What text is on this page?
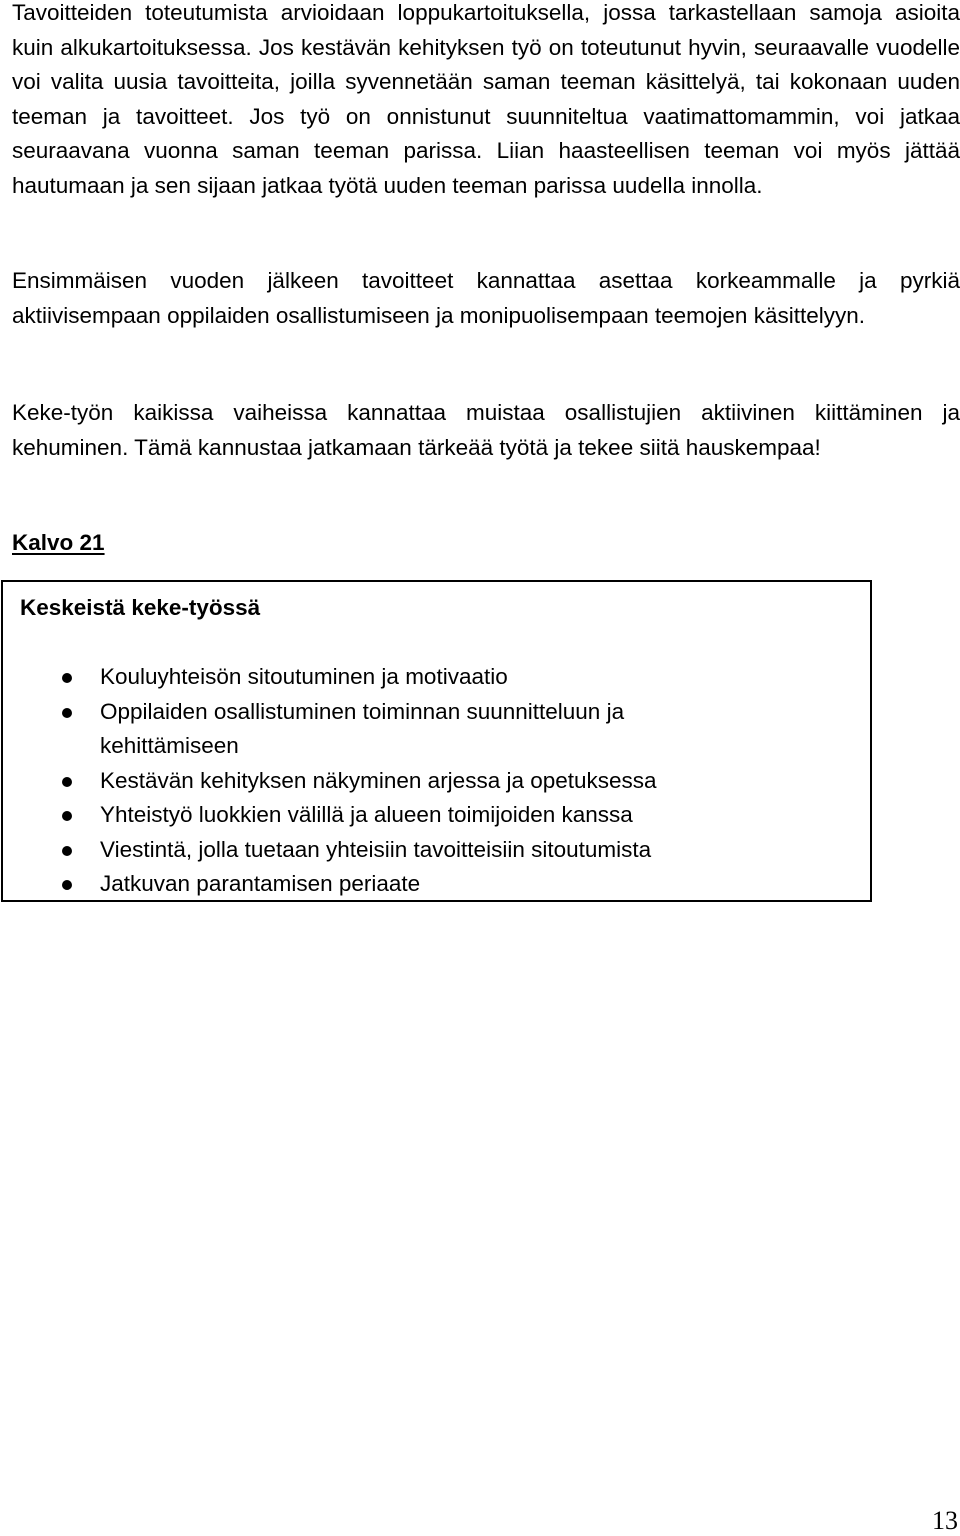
Tavoitteiden toteutumista arvioidaan loppukartoituksella, jossa tarkastellaan samoja asioita kuin alkukartoituksessa. Jos kestävän kehityksen työ on toteutunut hyvin, seuraavalle vuodelle voi valita uusia tavoitteita, joilla syvennetään saman teeman käsittelyä, tai kokonaan uuden teeman ja tavoitteet. Jos työ on onnistunut suunniteltua vaatimattomammin, voi jatkaa seuraavana vuonna saman teeman parissa. Liian haasteellisen teeman voi myös jättää hautumaan ja sen sijaan jatkaa työtä uuden teeman parissa uudella innolla.

Ensimmäisen vuoden jälkeen tavoitteet kannattaa asettaa korkeammalle ja pyrkiä aktiivisempaan oppilaiden osallistumiseen ja monipuolisempaan teemojen käsittelyyn.

Keke-työn kaikissa vaiheissa kannattaa muistaa osallistujien aktiivinen kiittäminen ja kehuminen. Tämä kannustaa jatkamaan tärkeää työtä ja tekee siitä hauskempaa!

Kalvo 21
Keskeistä keke-työssä
Kouluyhteisön sitoutuminen ja motivaatio
Oppilaiden osallistuminen toiminnan suunnitteluun ja
kehittämiseen
Kestävän kehityksen näkyminen arjessa ja opetuksessa
Yhteistyö luokkien välillä ja alueen toimijoiden kanssa
Viestintä, jolla tuetaan yhteisiin tavoitteisiin sitoutumista
Jatkuvan parantamisen periaate
13
